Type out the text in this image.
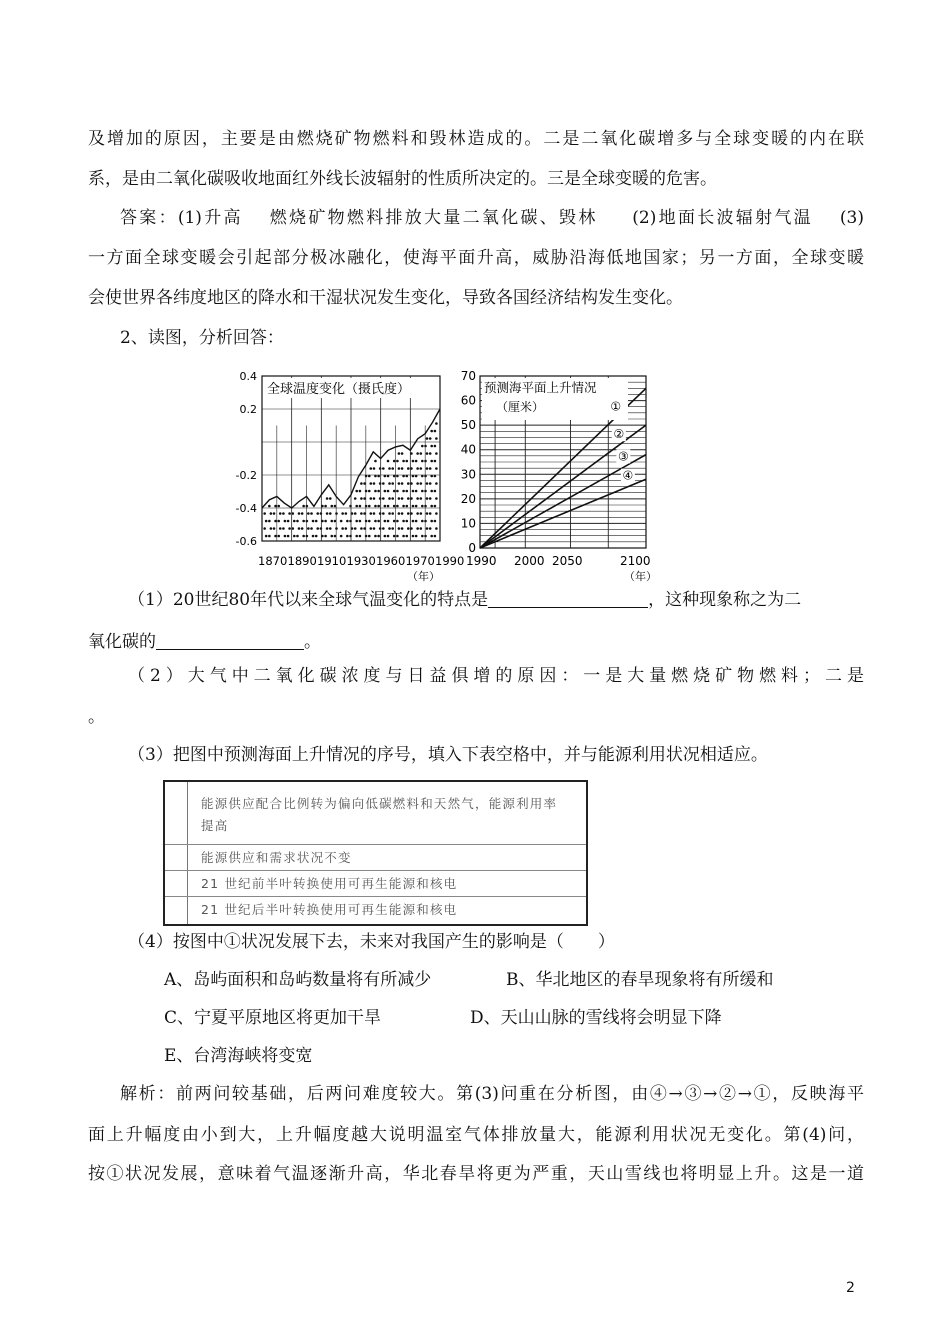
及增加的原因，主要是由燃烧矿物燃料和毁林造成的。二是二氧化碳增多与全球变暖的内在联
系，是由二氧化碳吸收地面红外线长波辐射的性质所决定的。三是全球变暖的危害。
答案：(1)升高　 燃烧矿物燃料排放大量二氧化碳、毁林 　 (2)地面长波辐射气温 　(3)
一方面全球变暖会引起部分极冰融化，使海平面升高，威胁沿海低地国家；另一方面，全球变暖
会使世界各纬度地区的降水和干湿状况发生变化，导致各国经济结构发生变化。
2、读图，分析回答：
全球温度变化（摄氏度）
0.4
0.2
-0.2
-0.4
-0.6
1870 1890 1910 1930 1960 1970 1990
（年）
预测海平面上升情况
（厘米）
0
10
20
30
40
50
60
70
1990 2000 2050	2100
①
②
③
④
（年）
（1）20世纪80年代以来全球气温变化的特点是	，这种现象称之为二
氧化碳的	。
（2）大气中二氧化碳浓度与日益俱增的原因：一是大量燃烧矿物燃料；二是
。
（3）把图中预测海面上升情况的序号，填入下表空格中，并与能源利用状况相适应。
能源供应配合比例转为偏向低碳燃料和天然气，能源利用率
提高
能源供应和需求状况不变
21 世纪前半叶转换使用可再生能源和核电
21 世纪后半叶转换使用可再生能源和核电
（4）按图中①状况发展下去，未来对我国产生的影响是（　　）
A、岛屿面积和岛屿数量将有所减少	B、华北地区的春旱现象将有所缓和
C、宁夏平原地区将更加干旱	D、天山山脉的雪线将会明显下降
E、台湾海峡将变宽
解析：前两问较基础，后两问难度较大。第(3)问重在分析图，由④→③→②→①，反映海平
面上升幅度由小到大，上升幅度越大说明温室气体排放量大，能源利用状况无变化。第(4)问，
按①状况发展，意味着气温逐渐升高，华北春旱将更为严重，天山雪线也将明显上升。这是一道
2
